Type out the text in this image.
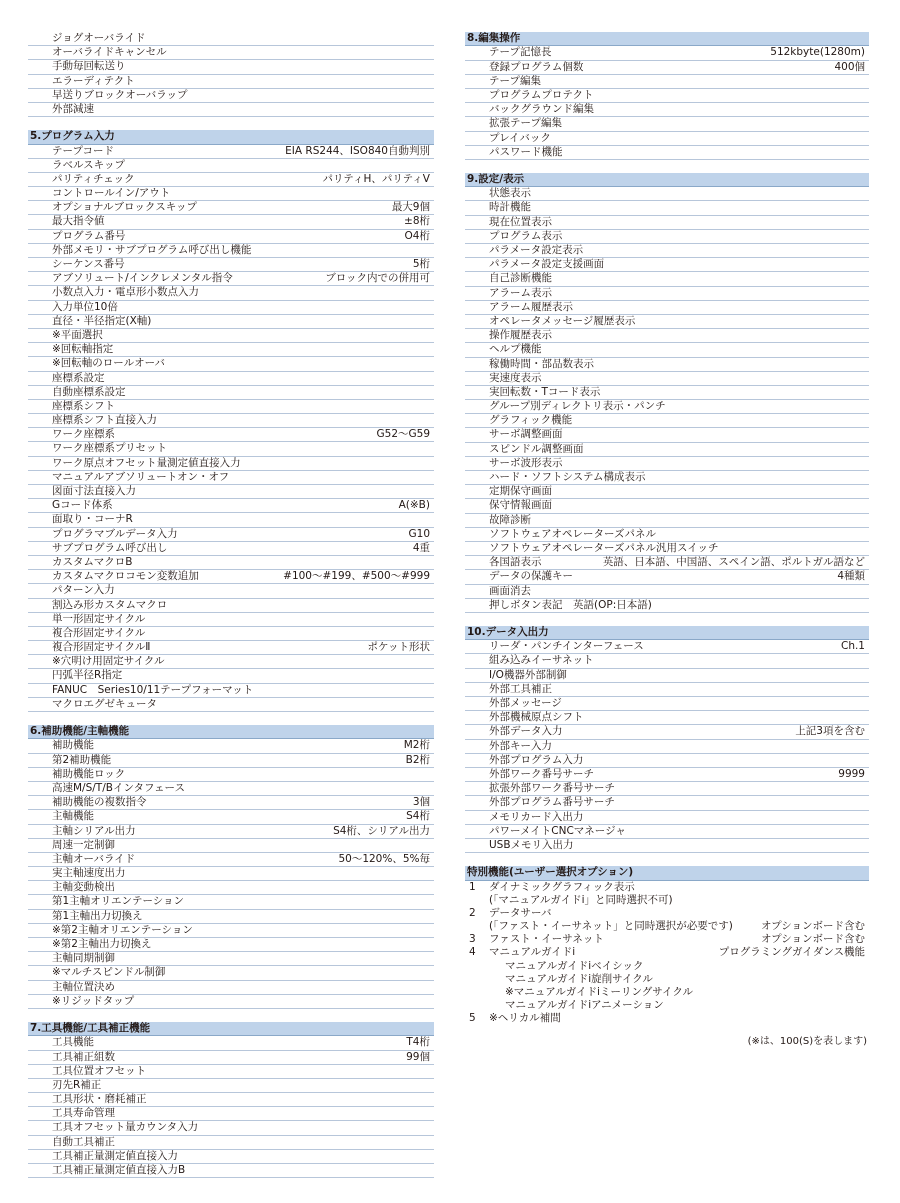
ジョグオーバライド
オーバライドキャンセル
手動毎回転送り
エラーディテクト
早送りブロックオーバラップ
外部減速
5.プログラム入力
テープコード	EIA RS244、ISO840自動判別
ラベルスキップ
パリティチェック	パリティH、パリティV
コントロールイン/アウト
オプショナルブロックスキップ	最大9個
最大指令値	±8桁
プログラム番号	O4桁
外部メモリ・サブプログラム呼び出し機能
シーケンス番号	5桁
アブソリュート/インクレメンタル指令	ブロック内での併用可
小数点入力・電卓形小数点入力
入力単位10倍
直径・半径指定(X軸)
※平面選択
※回転軸指定
※回転軸のロールオーバ
座標系設定
自動座標系設定
座標系シフト
座標系シフト直接入力
ワーク座標系	G52～G59
ワーク座標系プリセット
ワーク原点オフセット量測定値直接入力
マニュアルアブソリュートオン・オフ
図面寸法直接入力
Gコード体系	A(※B)
面取り・コーナR
プログラマブルデータ入力	G10
サブプログラム呼び出し	4重
カスタムマクロB
カスタムマクロコモン変数追加	#100～#199、#500～#999
パターン入力
割込み形カスタムマクロ
単一形固定サイクル
複合形固定サイクル
複合形固定サイクルⅡ	ポケット形状
※穴明け用固定サイクル
円弧半径R指定
FANUC　Series10/11テープフォーマット
マクロエグゼキュータ
6.補助機能/主軸機能
補助機能	M2桁
第2補助機能	B2桁
補助機能ロック
高速M/S/T/Bインタフェース
補助機能の複数指令	3個
主軸機能	S4桁
主軸シリアル出力	S4桁、シリアル出力
周速一定制御
主軸オーバライド	50～120%、5%毎
実主軸速度出力
主軸変動検出
第1主軸オリエンテーション
第1主軸出力切換え
※第2主軸オリエンテーション
※第2主軸出力切換え
主軸同期制御
※マルチスピンドル制御
主軸位置決め
※リジッドタップ
7.工具機能/工具補正機能
工具機能	T4桁
工具補正組数	99個
工具位置オフセット
刃先R補正
工具形状・磨耗補正
工具寿命管理
工具オフセット量カウンタ入力
自動工具補正
工具補正量測定値直接入力
工具補正量測定値直接入力B
8.編集操作
テープ記憶長	512kbyte(1280m)
登録プログラム個数	400個
テープ編集
プログラムプロテクト
バックグラウンド編集
拡張テープ編集
プレイバック
パスワード機能
9.設定/表示
状態表示
時計機能
現在位置表示
プログラム表示
パラメータ設定表示
パラメータ設定支援画面
自己診断機能
アラーム表示
アラーム履歴表示
オペレータメッセージ履歴表示
操作履歴表示
ヘルプ機能
稼働時間・部品数表示
実速度表示
実回転数・Tコード表示
グループ別ディレクトリ表示・パンチ
グラフィック機能
サーボ調整画面
スピンドル調整画面
サーボ波形表示
ハード・ソフトシステム構成表示
定期保守画面
保守情報画面
故障診断
ソフトウェアオペレーターズパネル
ソフトウェアオペレーターズパネル汎用スイッチ
各国語表示	英語、日本語、中国語、スペイン語、ポルトガル語など
データの保護キー	4種類
画面消去
押しボタン表記　英語(OP:日本語)
10.データ入出力
リーダ・パンチインターフェース	Ch.1
組み込みイーサネット
I/O機器外部制御
外部工具補正
外部メッセージ
外部機械原点シフト
外部データ入力	上記3項を含む
外部キー入力
外部プログラム入力
外部ワーク番号サーチ	9999
拡張外部ワーク番号サーチ
外部プログラム番号サーチ
メモリカード入出力
パワーメイトCNCマネージャ
USBメモリ入出力
特別機能(ユーザー選択オプション)
1 ダイナミックグラフィック表示
(「マニュアルガイドi」と同時選択不可)
2 データサーバ
(「ファスト・イーサネット」と同時選択が必要です)	オプションボード含む
3 ファスト・イーサネット	オプションボード含む
4 マニュアルガイドi	プログラミングガイダンス機能
マニュアルガイドiベイシック
マニュアルガイドi旋削サイクル
※マニュアルガイドiミーリングサイクル
マニュアルガイドiアニメーション
5 ※ヘリカル補間
(※は、100(S)を表します)
